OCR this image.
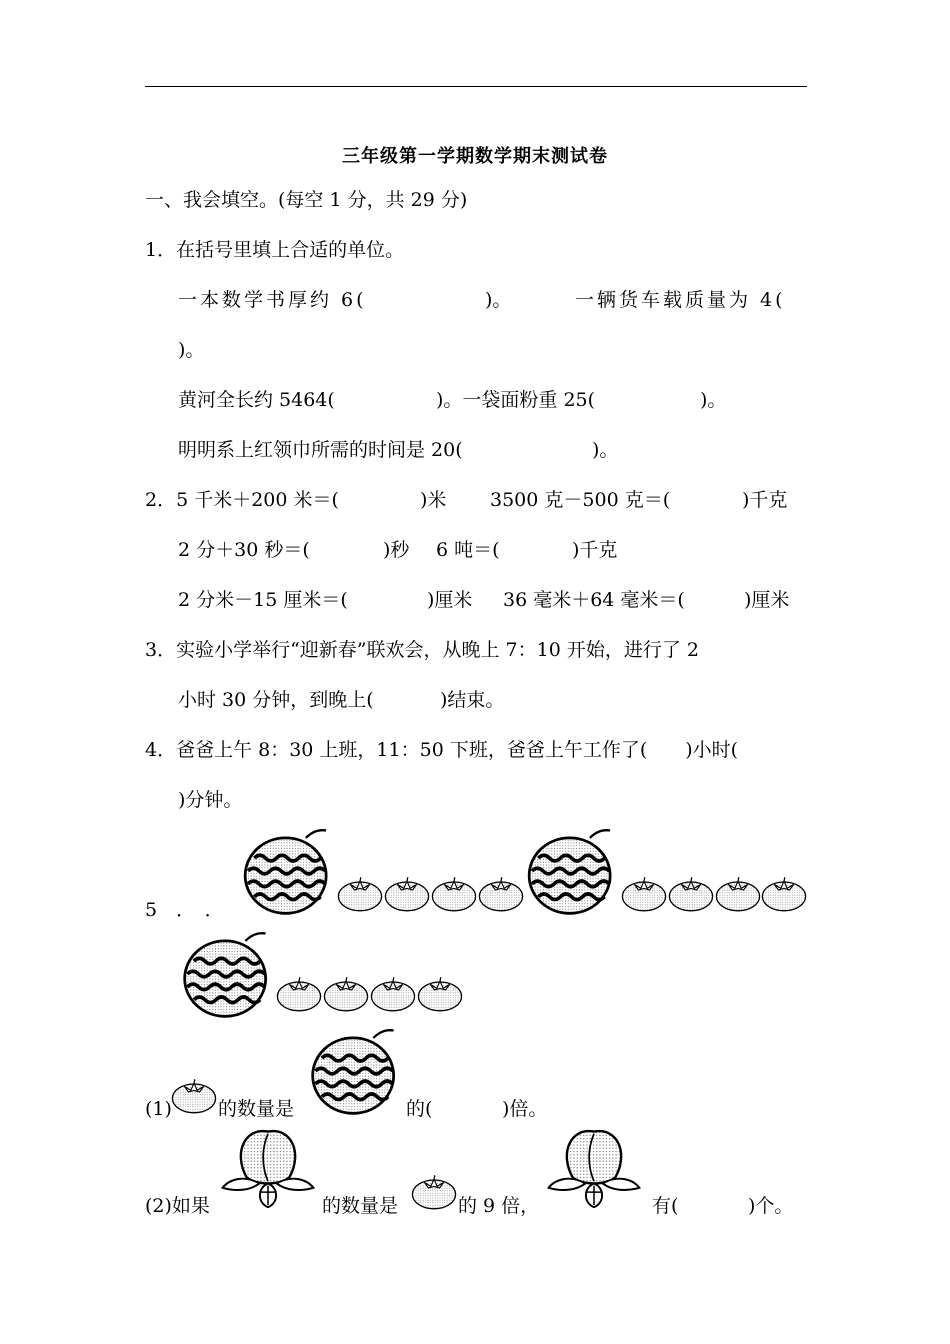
三年级第一学期数学期末测试卷
一、我会填空。(每空 1 分，共 29 分)
1．在括号里填上合适的单位。
一本数学书厚约 6(	)。	一辆货车载质量为 4(
)。
黄河全长约 5464(	)。一袋面粉重 25(	)。
明明系上红领巾所需的时间是 20(	)。
2．5 千米＋200 米＝(	)米 3500 克－500 克＝(	)千克
2 分＋30 秒＝(	)秒 6 吨＝(	)千克
2 分米－15 厘米＝(	)厘米 36 毫米＋64 毫米＝(	)厘米
3．实验小学举行“迎新春”联欢会，从晚上 7：10 开始，进行了 2
小时 30 分钟，到晚上(	)结束。
4．爸爸上午 8：30 上班，11：50 下班，爸爸上午工作了(　　)小时(
)分钟。
5　．　．
(1) 的数量是	的(	)倍。
(2)如果	的数量是	的 9 倍，	有(	)个。
